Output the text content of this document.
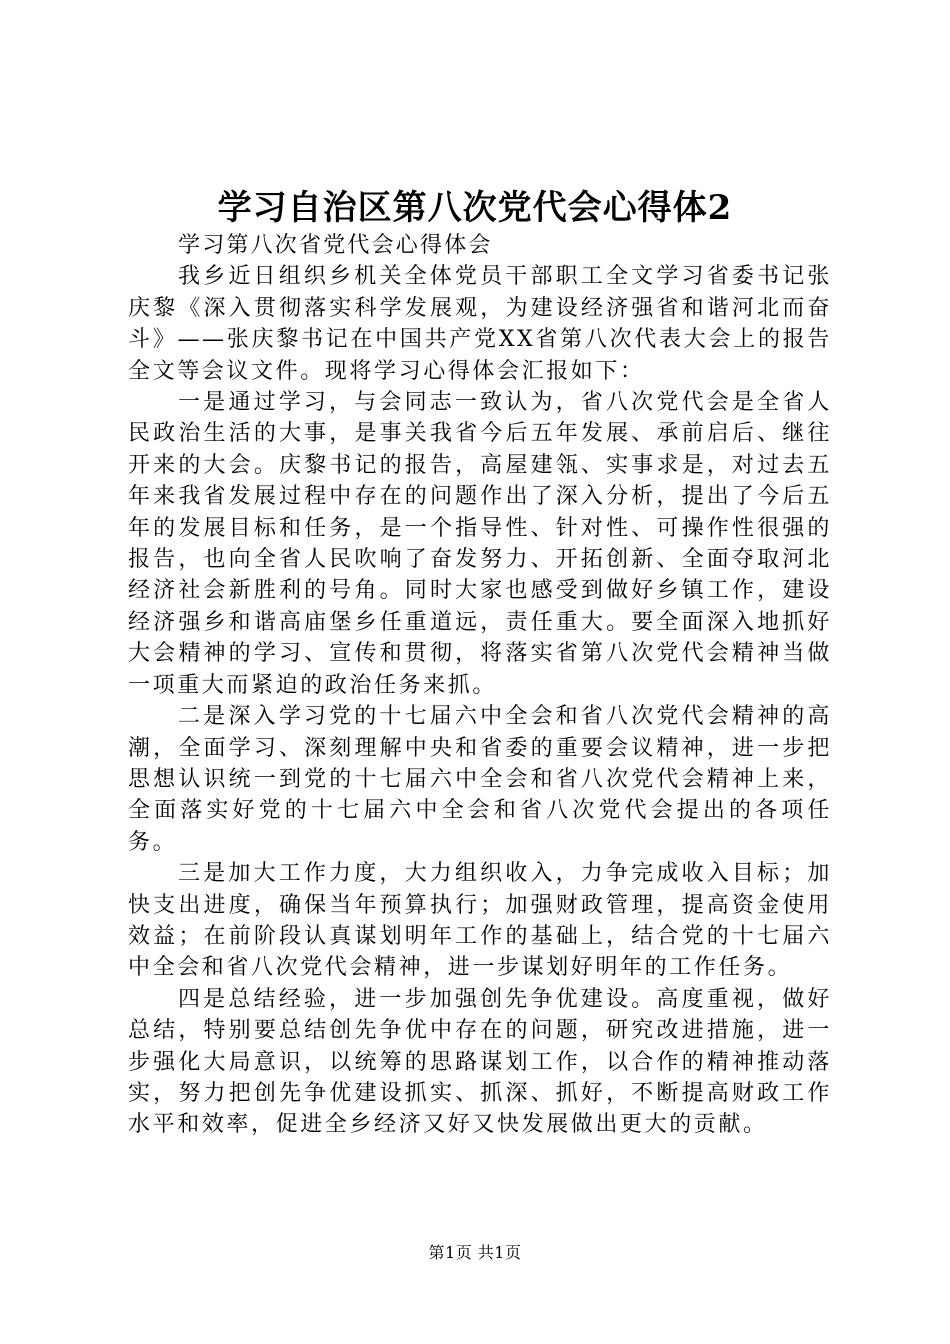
学习自治区第八次党代会心得体2

学习第八次省党代会心得体会

我乡近日组织乡机关全体党员干部职工全文学习省委书记张庆黎《深入贯彻落实科学发展观，为建设经济强省和谐河北而奋斗》——张庆黎书记在中国共产党XX省第八次代表大会上的报告全文等会议文件。现将学习心得体会汇报如下：

一是通过学习，与会同志一致认为，省八次党代会是全省人民政治生活的大事，是事关我省今后五年发展、承前启后、继往开来的大会。庆黎书记的报告，高屋建瓴、实事求是，对过去五年来我省发展过程中存在的问题作出了深入分析，提出了今后五年的发展目标和任务，是一个指导性、针对性、可操作性很强的报告，也向全省人民吹响了奋发努力、开拓创新、全面夺取河北经济社会新胜利的号角。同时大家也感受到做好乡镇工作，建设经济强乡和谐高庙堡乡任重道远，责任重大。要全面深入地抓好大会精神的学习、宣传和贯彻，将落实省第八次党代会精神当做一项重大而紧迫的政治任务来抓。

二是深入学习党的十七届六中全会和省八次党代会精神的高潮，全面学习、深刻理解中央和省委的重要会议精神，进一步把思想认识统一到党的十七届六中全会和省八次党代会精神上来，全面落实好党的十七届六中全会和省八次党代会提出的各项任务。

三是加大工作力度，大力组织收入，力争完成收入目标；加快支出进度，确保当年预算执行；加强财政管理，提高资金使用效益；在前阶段认真谋划明年工作的基础上，结合党的十七届六中全会和省八次党代会精神，进一步谋划好明年的工作任务。

四是总结经验，进一步加强创先争优建设。高度重视，做好总结，特别要总结创先争优中存在的问题，研究改进措施，进一步强化大局意识，以统筹的思路谋划工作，以合作的精神推动落实，努力把创先争优建设抓实、抓深、抓好，不断提高财政工作水平和效率，促进全乡经济又好又快发展做出更大的贡献。

第1页 共1页
